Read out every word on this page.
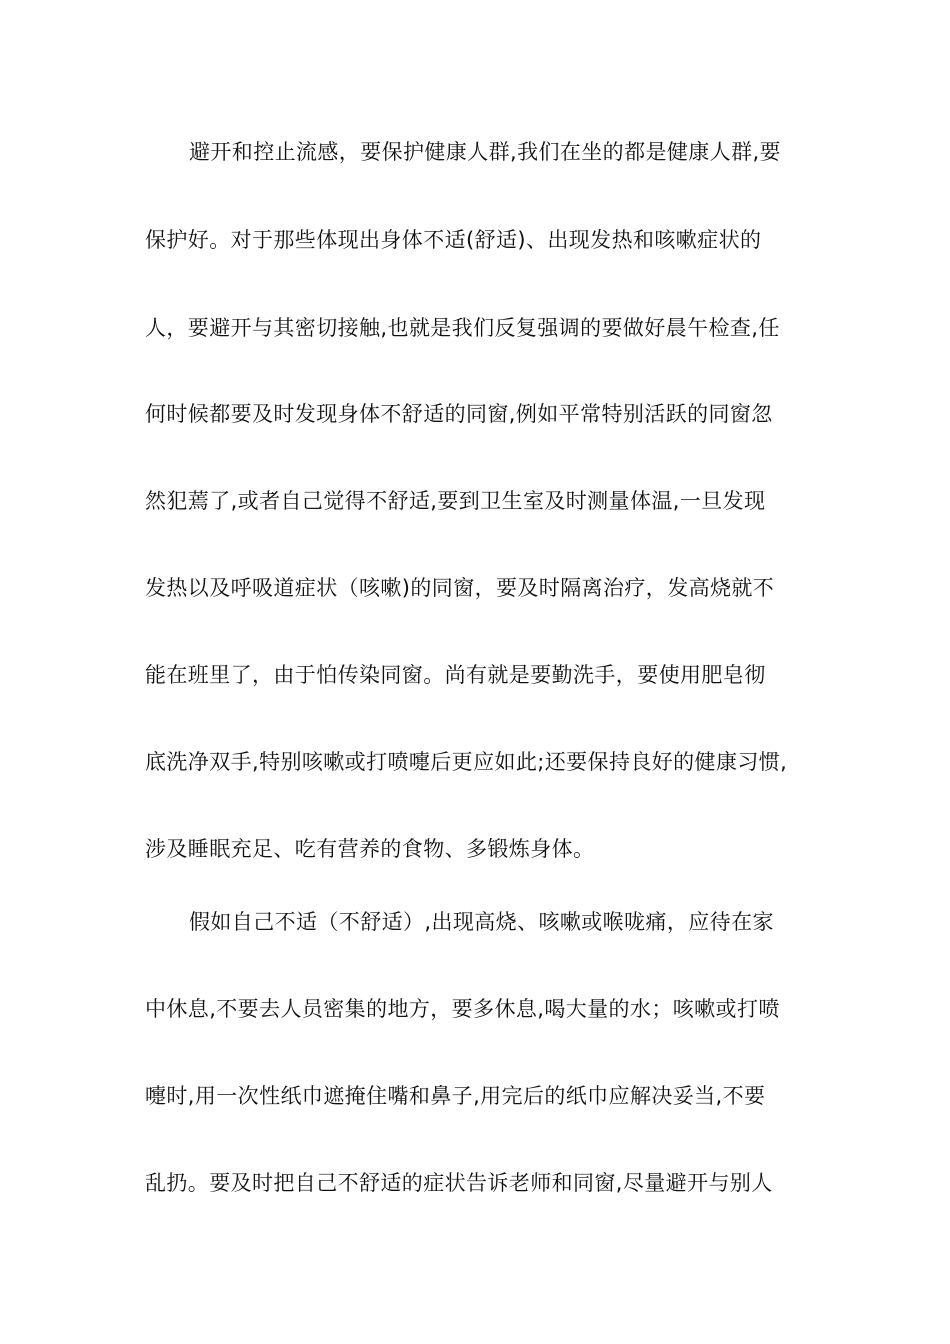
避开和控止流感，要保护健康人群,我们在坐的都是健康人群,要
保护好。对于那些体现出身体不适(舒适)、出现发热和咳嗽症状的
人，要避开与其密切接触,也就是我们反复强调的要做好晨午检查,任
何时候都要及时发现身体不舒适的同窗,例如平常特别活跃的同窗忽
然犯蔫了,或者自己觉得不舒适,要到卫生室及时测量体温,一旦发现
发热以及呼吸道症状（咳嗽)的同窗，要及时隔离治疗，发高烧就不
能在班里了，由于怕传染同窗。尚有就是要勤洗手，要使用肥皂彻
底洗净双手,特别咳嗽或打喷嚏后更应如此;还要保持良好的健康习惯,
涉及睡眠充足、吃有营养的食物、多锻炼身体。
假如自己不适（不舒适）,出现高烧、咳嗽或喉咙痛，应待在家
中休息,不要去人员密集的地方，要多休息,喝大量的水；咳嗽或打喷
嚏时,用一次性纸巾遮掩住嘴和鼻子,用完后的纸巾应解决妥当,不要
乱扔。要及时把自己不舒适的症状告诉老师和同窗,尽量避开与别人
